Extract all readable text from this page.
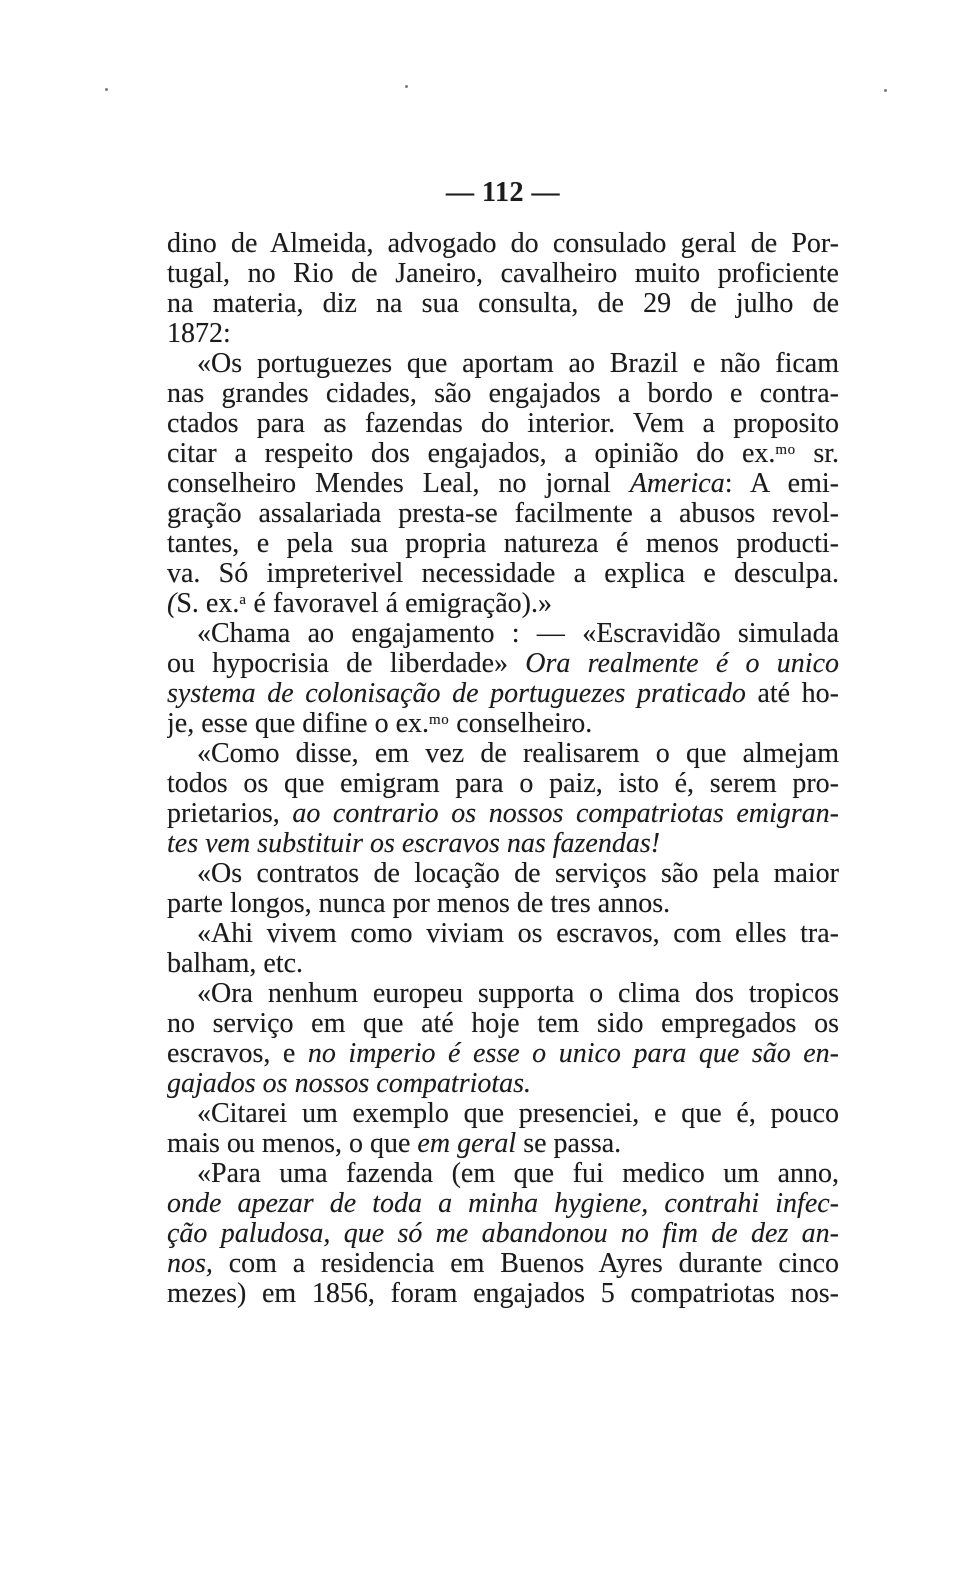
— 112 —
dino de Almeida, advogado do consulado geral de Por-
tugal, no Rio de Janeiro, cavalheiro muito proficiente
na materia, diz na sua consulta, de 29 de julho de
1872:
«Os portuguezes que aportam ao Brazil e não ficam
nas grandes cidades, são engajados a bordo e contra-
ctados para as fazendas do interior. Vem a proposito
citar a respeito dos engajados, a opinião do ex.$^{mo}$ sr.
conselheiro Mendes Leal, no jornal America: A emi-
gração assalariada presta-se facilmente a abusos revol-
tantes, e pela sua propria natureza é menos producti-
va. Só impreterivel necessidade a explica e desculpa.
(S. ex.$^a$ é favoravel á emigração).»
«Chama ao engajamento : — «Escravidão simulada
ou hypocrisia de liberdade» Ora realmente é o unico
systema de colonisação de portuguezes praticado até ho-
je, esse que difine o ex.$^{mo}$ conselheiro.
«Como disse, em vez de realisarem o que almejam
todos os que emigram para o paiz, isto é, serem pro-
prietarios, ao contrario os nossos compatriotas emigran-
tes vem substituir os escravos nas fazendas!
«Os contratos de locação de serviços são pela maior
parte longos, nunca por menos de tres annos.
«Ahi vivem como viviam os escravos, com elles tra-
balham, etc.
«Ora nenhum europeu supporta o clima dos tropicos
no serviço em que até hoje tem sido empregados os
escravos, e no imperio é esse o unico para que são en-
gajados os nossos compatriotas.
«Citarei um exemplo que presenciei, e que é, pouco
mais ou menos, o que em geral se passa.
«Para uma fazenda (em que fui medico um anno,
onde apezar de toda a minha hygiene, contrahi infec-
ção paludosa, que só me abandonou no fim de dez an-
nos, com a residencia em Buenos Ayres durante cinco
mezes) em 1856, foram engajados 5 compatriotas nos-
